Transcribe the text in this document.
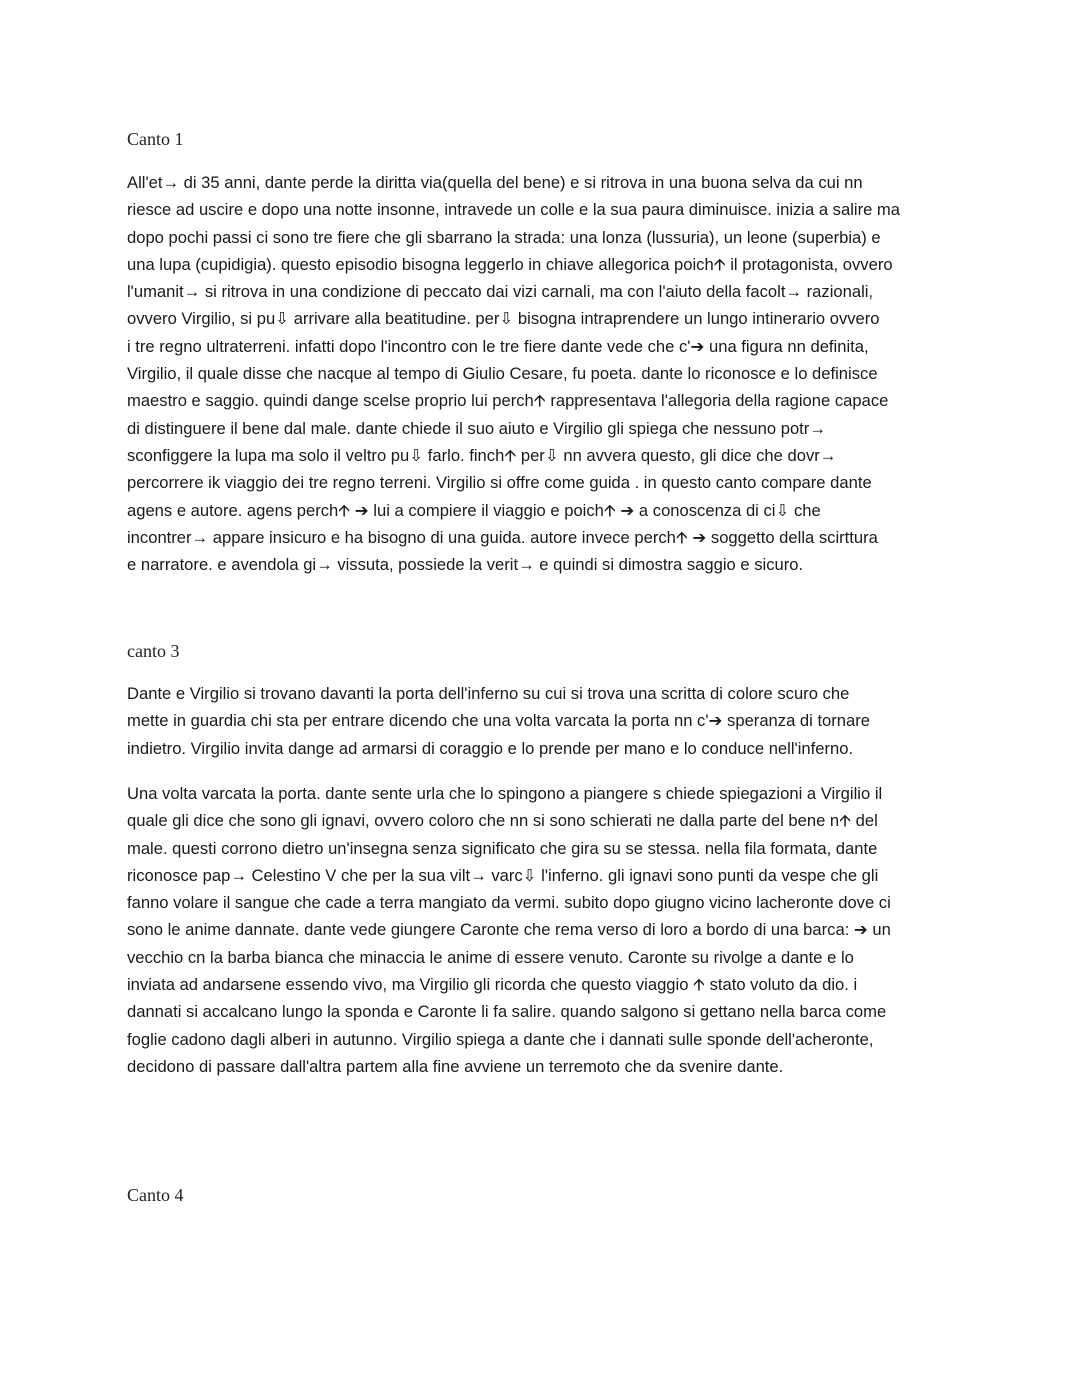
Canto 1

All'et→ di 35 anni, dante perde la diritta via(quella del bene) e si ritrova in una buona selva da cui nn
riesce ad uscire e dopo una notte insonne, intravede un colle e la sua paura diminuisce. inizia a salire ma
dopo pochi passi ci sono tre fiere che gli sbarrano la strada: una lonza (lussuria), un leone (superbia) e
una lupa (cupidigia). questo episodio bisogna leggerlo in chiave allegorica poich🡩 il protagonista, ovvero
l'umanit→ si ritrova in una condizione di peccato dai vizi carnali, ma con l'aiuto della facolt→ razionali,
ovvero Virgilio, si pu⇩ arrivare alla beatitudine. per⇩ bisogna intraprendere un lungo intinerario ovvero
i tre regno ultraterreni. infatti dopo l'incontro con le tre fiere dante vede che c'➔ una figura nn definita,
Virgilio, il quale disse che nacque al tempo di Giulio Cesare, fu poeta. dante lo riconosce e lo definisce
maestro e saggio. quindi dange scelse proprio lui perch🡩 rappresentava l'allegoria della ragione capace
di distinguere il bene dal male. dante chiede il suo aiuto e Virgilio gli spiega che nessuno potr→
sconfiggere la lupa ma solo il veltro pu⇩ farlo. finch🡩 per⇩ nn avvera questo, gli dice che dovr→
percorrere ik viaggio dei tre regno terreni. Virgilio si offre come guida . in questo canto compare dante
agens e autore. agens perch🡩 ➔ lui a compiere il viaggio e poich🡩 ➔ a conoscenza di ci⇩ che
incontrer→ appare insicuro e ha bisogno di una guida. autore invece perch🡩 ➔ soggetto della scirttura
e narratore. e avendola gi→ vissuta, possiede la verit→ e quindi si dimostra saggio e sicuro.

canto 3

Dante e Virgilio si trovano davanti la porta dell'inferno su cui si trova una scritta di colore scuro che
mette in guardia chi sta per entrare dicendo che una volta varcata la porta nn c'➔ speranza di tornare
indietro. Virgilio invita dange ad armarsi di coraggio e lo prende per mano e lo conduce nell'inferno.

Una volta varcata la porta. dante sente urla che lo spingono a piangere s chiede spiegazioni a Virgilio il
quale gli dice che sono gli ignavi, ovvero coloro che nn si sono schierati ne dalla parte del bene n🡩 del
male. questi corrono dietro un'insegna senza significato che gira su se stessa. nella fila formata, dante
riconosce pap→ Celestino V che per la sua vilt→ varc⇩ l'inferno. gli ignavi sono punti da vespe che gli
fanno volare il sangue che cade a terra mangiato da vermi. subito dopo giugno vicino lacheronte dove ci
sono le anime dannate. dante vede giungere Caronte che rema verso di loro a bordo di una barca: ➔ un
vecchio cn la barba bianca che minaccia le anime di essere venuto. Caronte su rivolge a dante e lo
inviata ad andarsene essendo vivo, ma Virgilio gli ricorda che questo viaggio 🡩 stato voluto da dio. i
dannati si accalcano lungo la sponda e Caronte li fa salire. quando salgono si gettano nella barca come
foglie cadono dagli alberi in autunno. Virgilio spiega a dante che i dannati sulle sponde dell'acheronte,
decidono di passare dall'altra partem alla fine avviene un terremoto che da svenire dante.

Canto 4
